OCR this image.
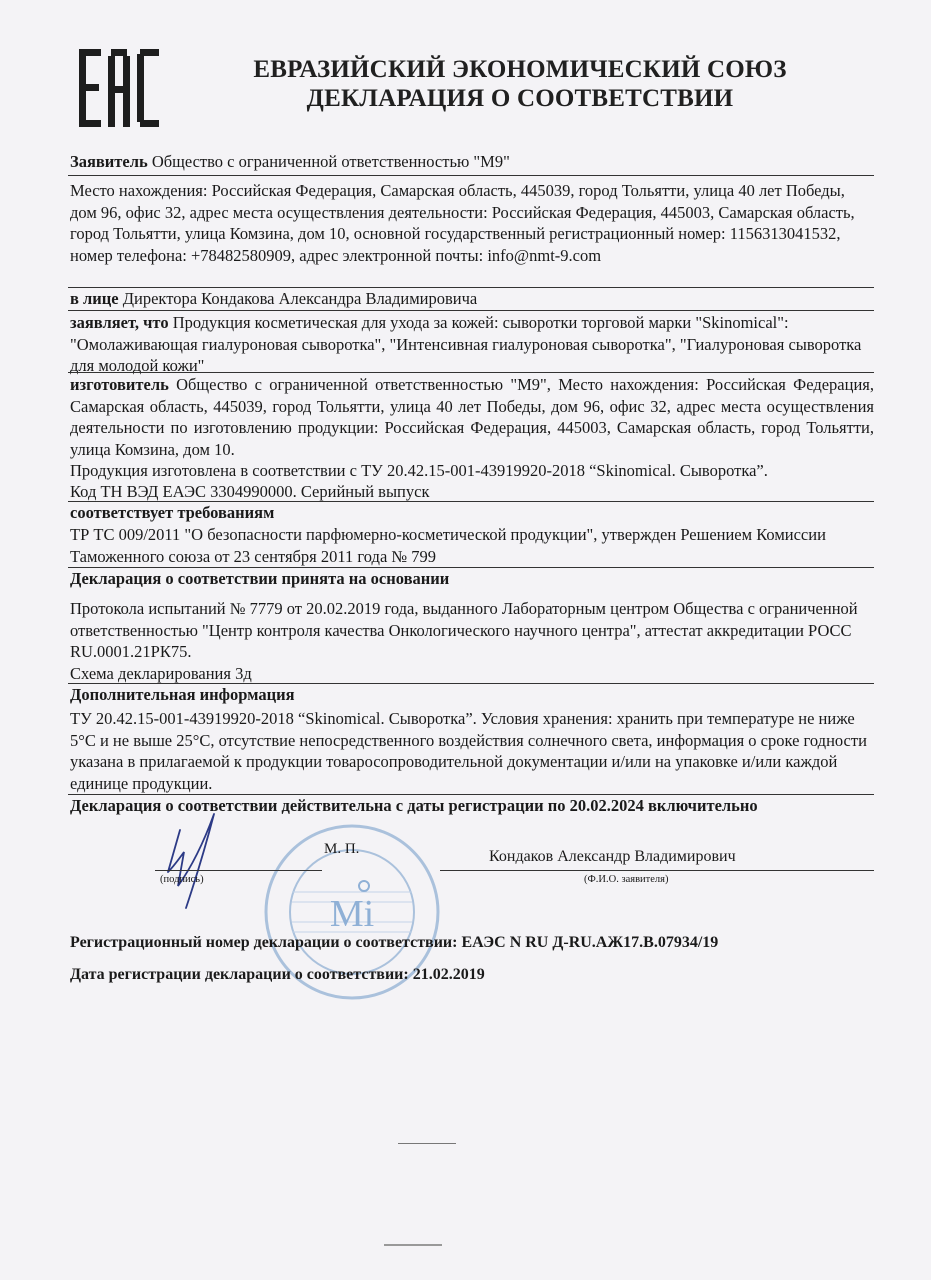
ЕВРАЗИЙСКИЙ ЭКОНОМИЧЕСКИЙ СОЮЗ
ДЕКЛАРАЦИЯ О СООТВЕТСТВИИ
Заявитель Общество с ограниченной ответственностью "М9"
Место нахождения: Российская Федерация, Самарская область, 445039, город Тольятти, улица 40 лет Победы, дом 96, офис 32, адрес места осуществления деятельности: Российская Федерация, 445003, Самарская область, город Тольятти, улица Комзина, дом 10, основной государственный регистрационный номер: 1156313041532, номер телефона: +78482580909, адрес электронной почты: info@nmt-9.com
в лице Директора Кондакова Александра Владимировича
заявляет, что Продукция косметическая для ухода за кожей: сыворотки торговой марки "Skinomical": "Омолаживающая гиалуроновая сыворотка", "Интенсивная гиалуроновая сыворотка", "Гиалуроновая сыворотка для молодой кожи"
изготовитель Общество с ограниченной ответственностью "М9", Место нахождения: Российская Федерация, Самарская область, 445039, город Тольятти, улица 40 лет Победы, дом 96, офис 32, адрес места осуществления деятельности по изготовлению продукции: Российская Федерация, 445003, Самарская область, город Тольятти, улица Комзина, дом 10.
Продукция изготовлена в соответствии с ТУ 20.42.15-001-43919920-2018 “Skinomical. Сыворотка”.
Код ТН ВЭД ЕАЭС 3304990000. Серийный выпуск
соответствует требованиям
ТР ТС 009/2011 "О безопасности парфюмерно-косметической продукции", утвержден Решением Комиссии Таможенного союза от 23 сентября 2011 года № 799
Декларация о соответствии принята на основании
Протокола испытаний № 7779 от 20.02.2019 года, выданного Лабораторным центром Общества с ограниченной ответственностью "Центр контроля качества Онкологического научного центра", аттестат аккредитации РОСС RU.0001.21РК75.
Схема декларирования 3д
Дополнительная информация
ТУ 20.42.15-001-43919920-2018 “Skinomical. Сыворотка”. Условия хранения: хранить при температуре не ниже 5°С и не выше 25°С, отсутствие непосредственного воздействия солнечного света, информация о сроке годности указана в прилагаемой к продукции товаросопроводительной документации и/или на упаковке и/или каждой единице продукции.
Декларация о соответствии действительна с даты регистрации по 20.02.2024 включительно
Mi
М. П.	Кондаков Александр Владимирович
(подпись)	(Ф.И.О. заявителя)
Регистрационный номер декларации о соответствии: ЕАЭС N RU Д-RU.АЖ17.В.07934/19
Дата регистрации декларации о соответствии: 21.02.2019
